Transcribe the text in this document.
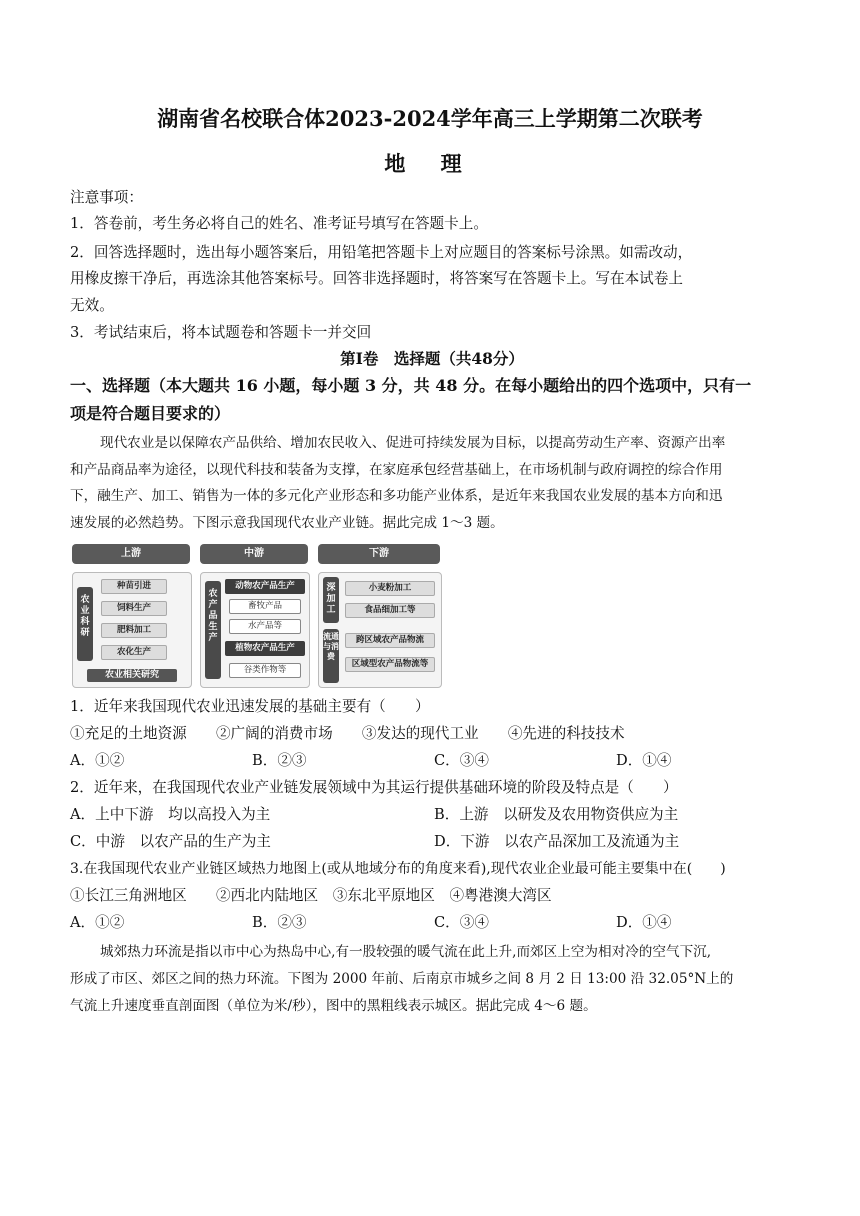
湖南省名校联合体2023-2024学年高三上学期第二次联考
地 理
注意事项：
1．答卷前，考生务必将自己的姓名、准考证号填写在答题卡上。
2．回答选择题时，选出每小题答案后，用铅笔把答题卡上对应题目的答案标号涂黑。如需改动，
用橡皮擦干净后，再选涂其他答案标号。回答非选择题时，将答案写在答题卡上。写在本试卷上
无效。
3．考试结束后，将本试题卷和答题卡一并交回
第Ⅰ卷　选择题（共48分）
一、选择题（本大题共 16 小题，每小题 3 分，共 48 分。在每小题给出的四个选项中，只有一
项是符合题目要求的）
现代农业是以保障农产品供给、增加农民收入、促进可持续发展为目标，以提高劳动生产率、资源产出率
和产品商品率为途径，以现代科技和装备为支撑，在家庭承包经营基础上，在市场机制与政府调控的综合作用
下，融生产、加工、销售为一体的多元化产业形态和多功能产业体系，是近年来我国农业发展的基本方向和迅
速发展的必然趋势。下图示意我国现代农业产业链。据此完成 1～3 题。
上游	中游	下游
农业科研
种苗引进
饲料生产
肥料加工
农化生产
农业相关研究
农产品生产
动物农产品生产
畜牧产品
水产品等
植物农产品生产
谷类作物等
深加工
流通与消费
小麦粉加工
食品细加工等
跨区域农产品物流
区域型农产品物流等
1．近年来我国现代农业迅速发展的基础主要有（　　）
①充足的土地资源　　②广阔的消费市场　　③发达的现代工业　　④先进的科技技术
A．①②	B．②③	C．③④	D．①④
2．近年来，在我国现代农业产业链发展领域中为其运行提供基础环境的阶段及特点是（　　）
A．上中下游　均以高投入为主	B．上游　以研发及农用物资供应为主
C．中游　以农产品的生产为主	D．下游　以农产品深加工及流通为主
3.在我国现代农业产业链区域热力地图上(或从地域分布的角度来看),现代农业企业最可能主要集中在(　　)
①长江三角洲地区　　②西北内陆地区　③东北平原地区　④粤港澳大湾区
A．①②	B．②③	C．③④	D．①④
城郊热力环流是指以市中心为热岛中心,有一股较强的暖气流在此上升,而郊区上空为相对冷的空气下沉,
形成了市区、郊区之间的热力环流。下图为 2000 年前、后南京市城乡之间 8 月 2 日 13:00 沿 32.05°N上的
气流上升速度垂直剖面图（单位为米/秒），图中的黑粗线表示城区。据此完成 4～6 题。
